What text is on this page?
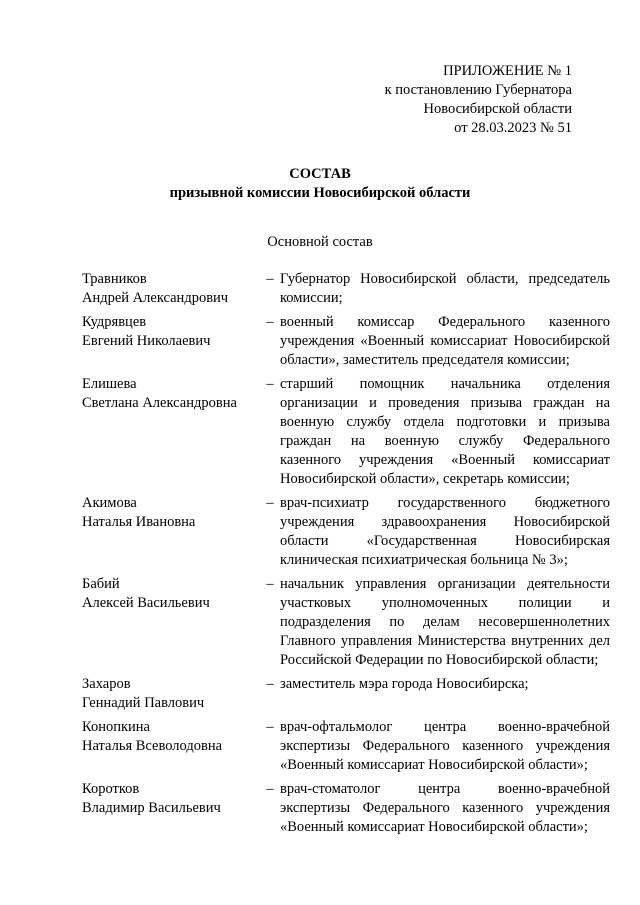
ПРИЛОЖЕНИЕ № 1
к постановлению Губернатора
Новосибирской области
от 28.03.2023 № 51
СОСТАВ
призывной комиссии Новосибирской области
Основной состав
Травников
Андрей Александрович
– Губернатор Новосибирской области, председатель комиссии;
Кудрявцев
Евгений Николаевич
– военный комиссар Федерального казенного учреждения «Военный комиссариат Новосибирской области», заместитель председателя комиссии;
Елишева
Светлана Александровна
– старший помощник начальника отделения организации и проведения призыва граждан на военную службу отдела подготовки и призыва граждан на военную службу Федерального казенного учреждения «Военный комиссариат Новосибирской области», секретарь комиссии;
Акимова
Наталья Ивановна
– врач-психиатр государственного бюджетного учреждения здравоохранения Новосибирской области «Государственная Новосибирская клиническая психиатрическая больница № 3»;
Бабий
Алексей Васильевич
– начальник управления организации деятельности участковых уполномоченных полиции и подразделения по делам несовершеннолетних Главного управления Министерства внутренних дел Российской Федерации по Новосибирской области;
Захаров
Геннадий Павлович
– заместитель мэра города Новосибирска;
Конопкина
Наталья Всеволодовна
– врач-офтальмолог центра военно-врачебной экспертизы Федерального казенного учреждения «Военный комиссариат Новосибирской области»;
Коротков
Владимир Васильевич
– врач-стоматолог центра военно-врачебной экспертизы Федерального казенного учреждения «Военный комиссариат Новосибирской области»;
